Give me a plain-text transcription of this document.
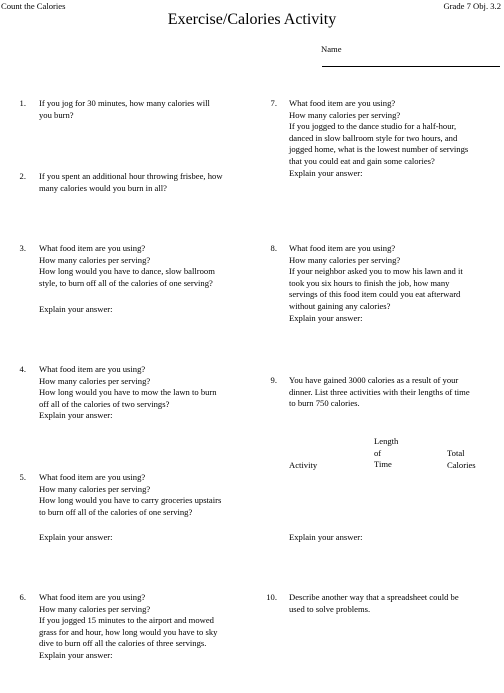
Count the Calories	Grade 7 Obj. 3.2
Exercise/Calories Activity
Name
1. If you jog for 30 minutes, how many calories will
you burn?
2. If you spent an additional hour throwing frisbee, how
many calories would you burn in all?
3. What food item are you using?
How many calories per serving?
How long would you have to dance, slow ballroom
style, to burn off all of the calories of one serving?
Explain your answer:
4. What food item are you using?
How many calories per serving?
How long would you have to mow the lawn to burn
off all of the calories of two servings?
Explain your answer:
5. What food item are you using?
How many calories per serving?
How long would you have to carry groceries upstairs
to burn off all of the calories of one serving?
Explain your answer:
6. What food item are you using?
How many calories per serving?
If you jogged 15 minutes to the airport and mowed
grass for and hour, how long would you have to sky
dive to burn off all the calories of three servings.
Explain your answer:
7. What food item are you using?
How many calories per serving?
If you jogged to the dance studio for a half-hour,
danced in slow ballroom style for two hours, and
jogged home, what is the lowest number of servings
that you could eat and gain some calories?
Explain your answer:
8. What food item are you using?
How many calories per serving?
If your neighbor asked you to mow his lawn and it
took you six hours to finish the job, how many
servings of this food item could you eat afterward
without gaining any calories?
Explain your answer:
9. You have gained 3000 calories as a result of your
dinner. List three activities with their lengths of time
to burn 750 calories.
Activity
Length
of
Time
Total
Calories
Explain your answer:
10. Describe another way that a spreadsheet could be
used to solve problems.
